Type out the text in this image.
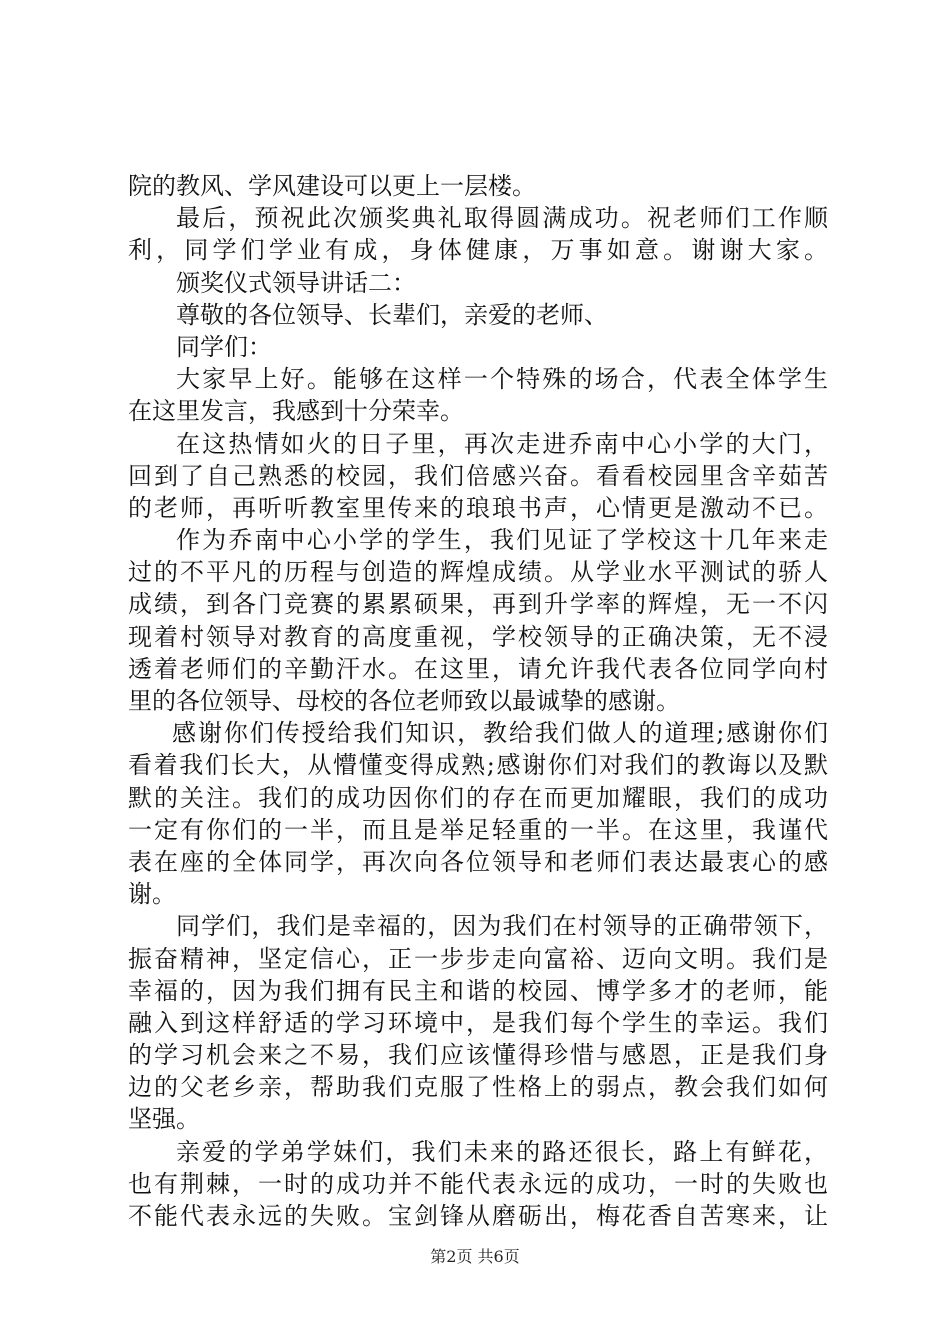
院的教风、学风建设可以更上一层楼。
最后，预祝此次颁奖典礼取得圆满成功。祝老师们工作顺
利，同学们学业有成，身体健康，万事如意。谢谢大家。
颁奖仪式领导讲话二：
尊敬的各位领导、长辈们，亲爱的老师、
同学们：
大家早上好。能够在这样一个特殊的场合，代表全体学生
在这里发言，我感到十分荣幸。
在这热情如火的日子里，再次走进乔南中心小学的大门，
回到了自己熟悉的校园，我们倍感兴奋。看看校园里含辛茹苦
的老师，再听听教室里传来的琅琅书声，心情更是激动不已。
作为乔南中心小学的学生，我们见证了学校这十几年来走
过的不平凡的历程与创造的辉煌成绩。从学业水平测试的骄人
成绩，到各门竞赛的累累硕果，再到升学率的辉煌，无一不闪
现着村领导对教育的高度重视，学校领导的正确决策，无不浸
透着老师们的辛勤汗水。在这里，请允许我代表各位同学向村
里的各位领导、母校的各位老师致以最诚挚的感谢。
感谢你们传授给我们知识，教给我们做人的道理;感谢你们
看着我们长大，从懵懂变得成熟;感谢你们对我们的教诲以及默
默的关注。我们的成功因你们的存在而更加耀眼，我们的成功
一定有你们的一半，而且是举足轻重的一半。在这里，我谨代
表在座的全体同学，再次向各位领导和老师们表达最衷心的感
谢。
同学们，我们是幸福的，因为我们在村领导的正确带领下，
振奋精神，坚定信心，正一步步走向富裕、迈向文明。我们是
幸福的，因为我们拥有民主和谐的校园、博学多才的老师，能
融入到这样舒适的学习环境中，是我们每个学生的幸运。我们
的学习机会来之不易，我们应该懂得珍惜与感恩，正是我们身
边的父老乡亲，帮助我们克服了性格上的弱点，教会我们如何
坚强。
亲爱的学弟学妹们，我们未来的路还很长，路上有鲜花，
也有荆棘，一时的成功并不能代表永远的成功，一时的失败也
不能代表永远的失败。宝剑锋从磨砺出，梅花香自苦寒来，让
第2页 共6页
